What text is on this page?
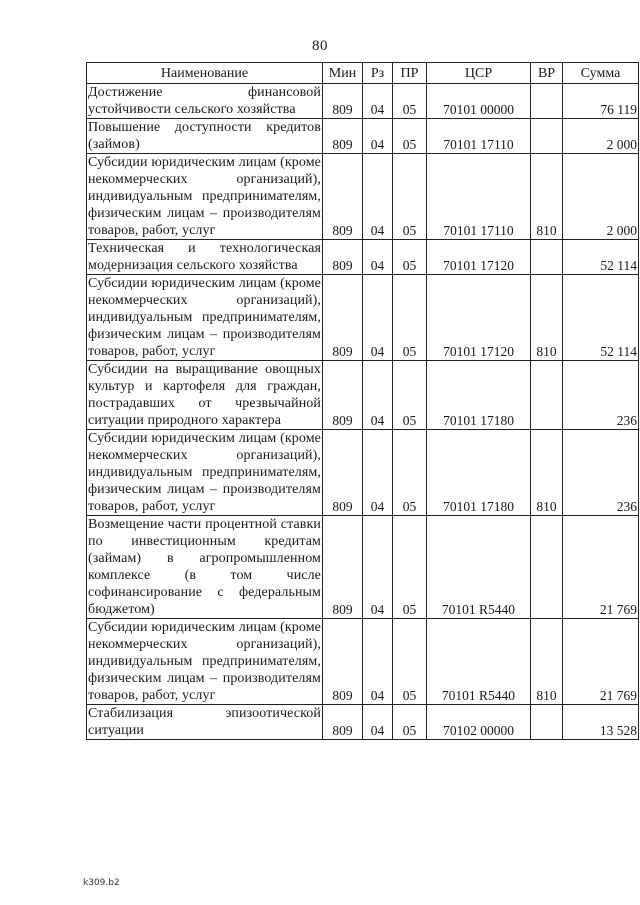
80
Наименование	Мин	Рз	ПР	ЦСР	ВР	Сумма
Достижение финансовой устойчивости сельского хозяйства	809	04	05	70101 00000		76 119
Повышение доступности кредитов (займов)	809	04	05	70101 17110		2 000
Субсидии юридическим лицам (кроме некоммерческих организаций), индивидуальным предпринимателям, физическим лицам – производителям товаров, работ, услуг	809	04	05	70101 17110	810	2 000
Техническая и технологическая модернизация сельского хозяйства	809	04	05	70101 17120		52 114
Субсидии юридическим лицам (кроме некоммерческих организаций), индивидуальным предпринимателям, физическим лицам – производителям товаров, работ, услуг	809	04	05	70101 17120	810	52 114
Субсидии на выращивание овощных культур и картофеля для граждан, пострадавших от чрезвычайной ситуации природного характера	809	04	05	70101 17180		236
Субсидии юридическим лицам (кроме некоммерческих организаций), индивидуальным предпринимателям, физическим лицам – производителям товаров, работ, услуг	809	04	05	70101 17180	810	236
Возмещение части процентной ставки по инвестиционным кредитам (займам) в агропромышленном комплексе (в том числе софинансирование с федеральным бюджетом)	809	04	05	70101 R5440		21 769
Субсидии юридическим лицам (кроме некоммерческих организаций), индивидуальным предпринимателям, физическим лицам – производителям товаров, работ, услуг	809	04	05	70101 R5440	810	21 769
Стабилизация эпизоотической ситуации	809	04	05	70102 00000		13 528
k309.b2
